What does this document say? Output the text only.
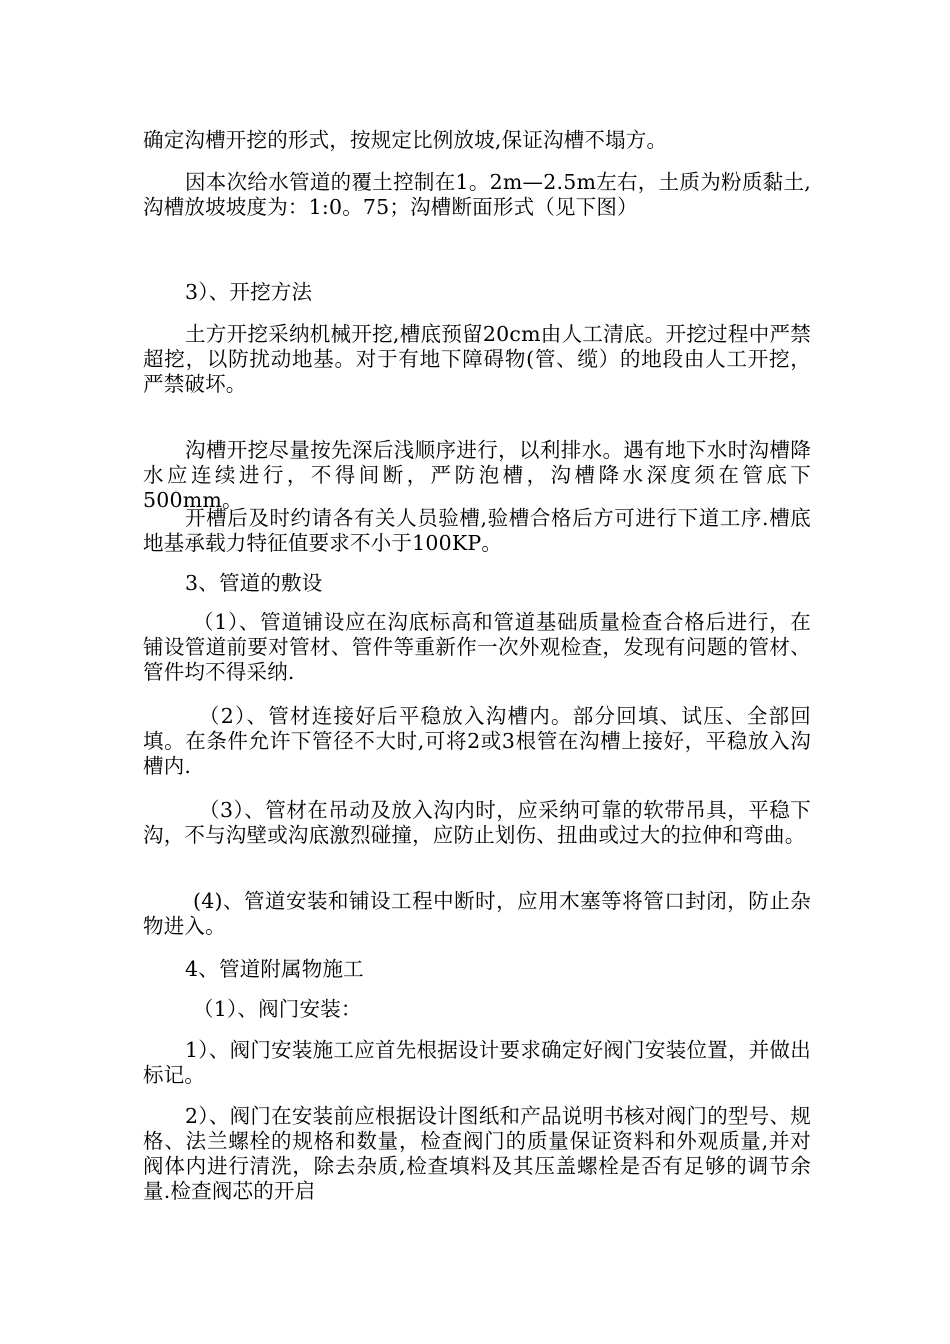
确定沟槽开挖的形式，按规定比例放坡,保证沟槽不塌方。
因本次给水管道的覆土控制在1。2m—2.5m左右，土质为粉质黏土,沟槽放坡坡度为：1:0。75；沟槽断面形式（见下图）
3）、开挖方法
土方开挖采纳机械开挖,槽底预留20cm由人工清底。开挖过程中严禁超挖，以防扰动地基。对于有地下障碍物(管、缆）的地段由人工开挖，严禁破坏。
沟槽开挖尽量按先深后浅顺序进行，以利排水。遇有地下水时沟槽降水应连续进行，不得间断，严防泡槽，沟槽降水深度须在管底下500mm。
开槽后及时约请各有关人员验槽,验槽合格后方可进行下道工序.槽底地基承载力特征值要求不小于100KP。
3、管道的敷设
（1）、管道铺设应在沟底标高和管道基础质量检查合格后进行，在铺设管道前要对管材、管件等重新作一次外观检查，发现有问题的管材、管件均不得采纳.
（2）、管材连接好后平稳放入沟槽内。部分回填、试压、全部回填。在条件允许下管径不大时,可将2或3根管在沟槽上接好，平稳放入沟槽内.
（3）、管材在吊动及放入沟内时，应采纳可靠的软带吊具，平稳下沟，不与沟壁或沟底激烈碰撞，应防止划伤、扭曲或过大的拉伸和弯曲。
(4)、管道安装和铺设工程中断时，应用木塞等将管口封闭，防止杂物进入。
4、管道附属物施工
（1）、阀门安装：
1）、阀门安装施工应首先根据设计要求确定好阀门安装位置，并做出标记。
2）、阀门在安装前应根据设计图纸和产品说明书核对阀门的型号、规格、法兰螺栓的规格和数量，检查阀门的质量保证资料和外观质量,并对阀体内进行清洗，除去杂质,检查填料及其压盖螺栓是否有足够的调节余量.检查阀芯的开启
